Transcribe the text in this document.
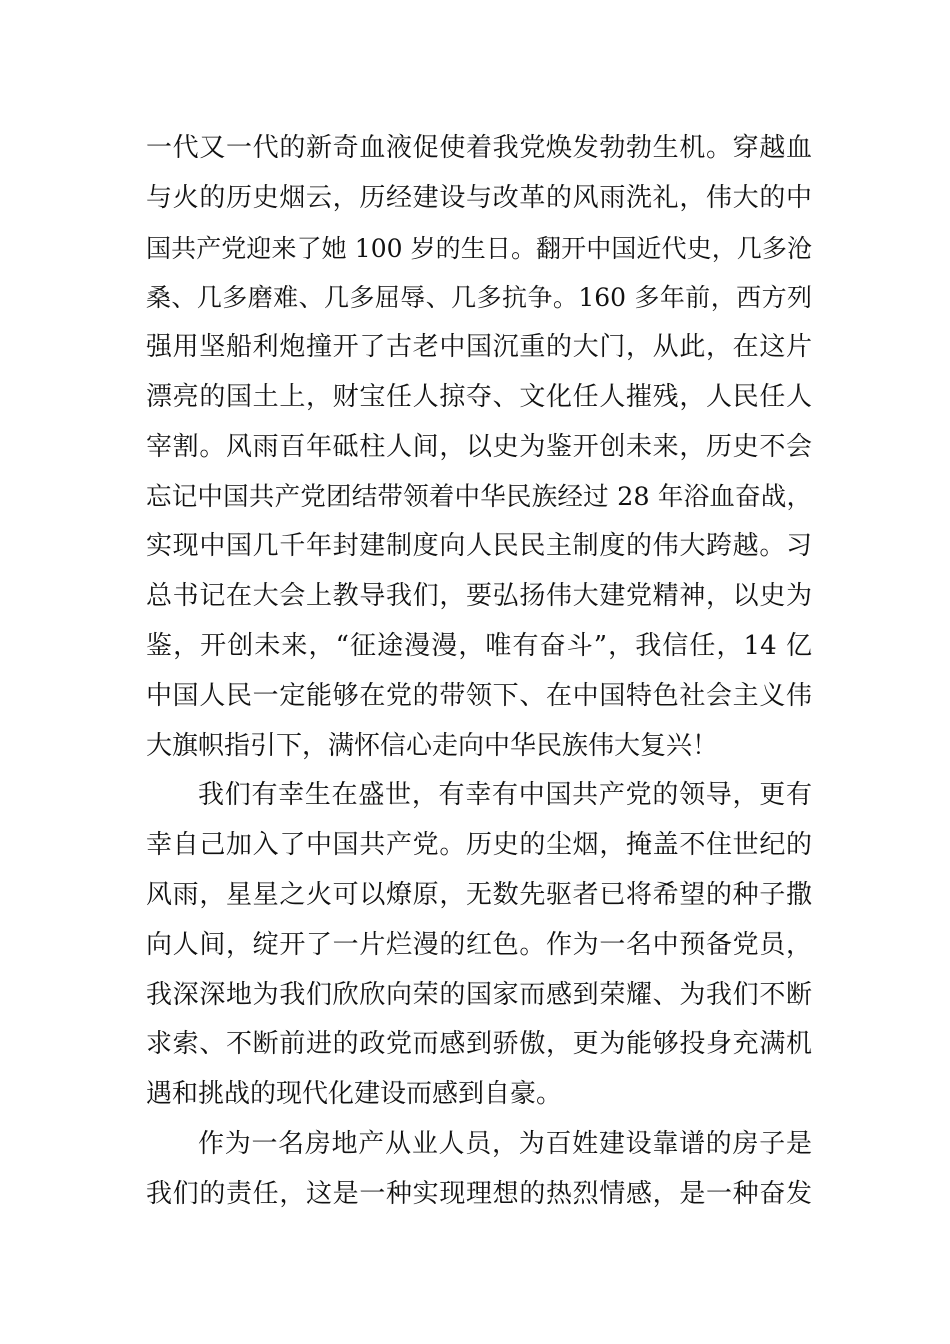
一代又一代的新奇血液促使着我党焕发勃勃生机。穿越血
与火的历史烟云，历经建设与改革的风雨洗礼，伟大的中
国共产党迎来了她 100 岁的生日。翻开中国近代史，几多沧
桑、几多磨难、几多屈辱、几多抗争。160 多年前，西方列
强用坚船利炮撞开了古老中国沉重的大门，从此，在这片
漂亮的国土上，财宝任人掠夺、文化任人摧残，人民任人
宰割。风雨百年砥柱人间，以史为鉴开创未来，历史不会
忘记中国共产党团结带领着中华民族经过 28 年浴血奋战，
实现中国几千年封建制度向人民民主制度的伟大跨越。习
总书记在大会上教导我们，要弘扬伟大建党精神，以史为
鉴，开创未来，“征途漫漫，唯有奋斗”，我信任，14 亿
中国人民一定能够在党的带领下、在中国特色社会主义伟
大旗帜指引下，满怀信心走向中华民族伟大复兴！
我们有幸生在盛世，有幸有中国共产党的领导，更有
幸自己加入了中国共产党。历史的尘烟，掩盖不住世纪的
风雨，星星之火可以燎原，无数先驱者已将希望的种子撒
向人间，绽开了一片烂漫的红色。作为一名中预备党员，
我深深地为我们欣欣向荣的国家而感到荣耀、为我们不断
求索、不断前进的政党而感到骄傲，更为能够投身充满机
遇和挑战的现代化建设而感到自豪。
作为一名房地产从业人员，为百姓建设靠谱的房子是
我们的责任，这是一种实现理想的热烈情感，是一种奋发
